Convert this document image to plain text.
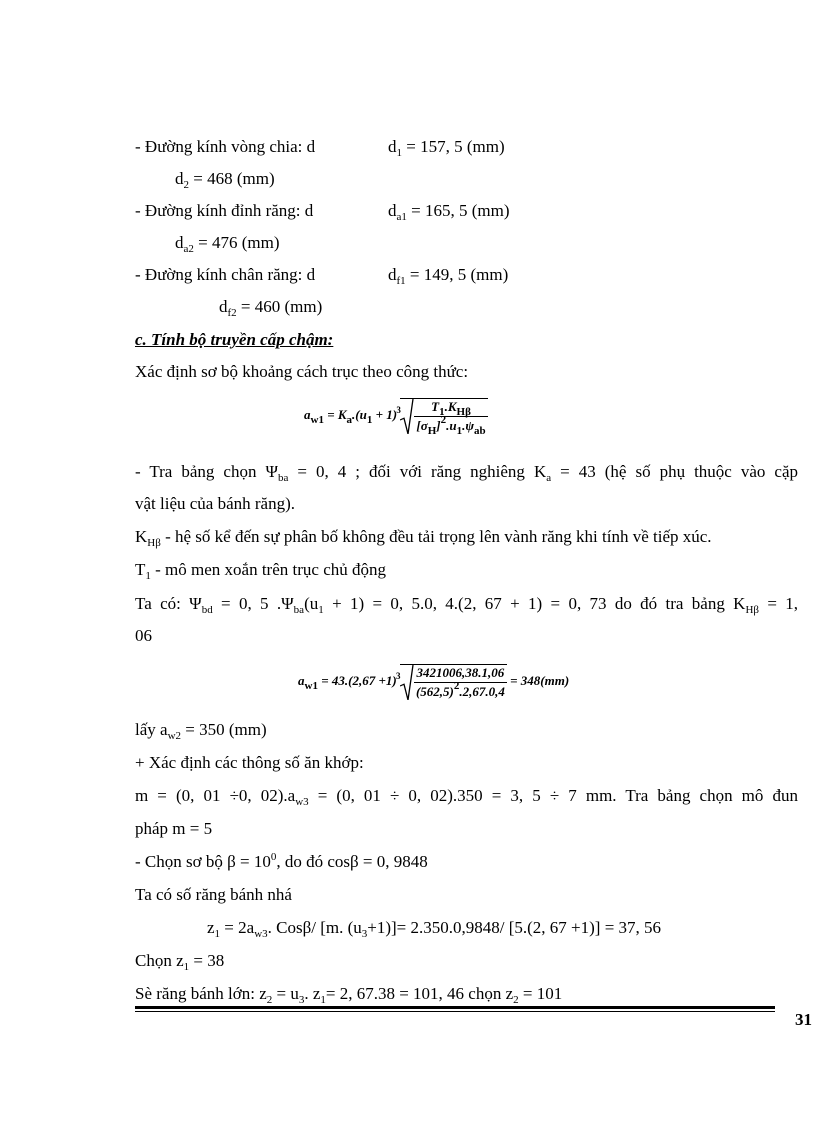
- Đường kính vòng chia: d	$d_1 = 157$, 5 (mm)
$d_2 = 468$ (mm)
- Đường kính đỉnh răng: d	$d_{a1} = 165$, 5 (mm)
$d_{a2} = 476$ (mm)
- Đường kính chân răng: d	$d_{f1} = 149$, 5 (mm)
$d_{f2} = 460$ (mm)
c. Tính bộ truyền cấp chậm:
Xác định sơ bộ khoảng cách trục theo công thức:
$a_{w1} = K_a.(u_1 + 1)$ $3 \frac{T_1.K_{H\beta}}{[\sigma_H]^2.u_1.\psi_{ab}}$
- Tra bảng chọn $\Psi_{ba} = 0$, 4 ; đối với răng nghiêng $K_a = 43$ (hệ số phụ thuộc vào cặp
vật liệu của bánh răng).
$K_{H\beta}$ - hệ số kể đến sự phân bố không đều tải trọng lên vành răng khi tính về tiếp xúc.
$T_1$ - mô men xoắn trên trục chủ động
Ta có: $\Psi_{bd} = 0$, 5 $.\Psi_{ba}(u_1 + 1) = 0$, 5.0, 4.(2, 67 + 1) = 0, 73 do đó tra bảng $K_{H\beta} = 1$,
06
$a_{w1} = 43.(2,67 +1)$ $3 \frac{3421006,38.1,06}{(562,5)^2.2,67.0,4} = 348(mm)$
lấy $a_{w2} = 350$ (mm)
+ Xác định các thông số ăn khớp:
m = (0, 01 ÷0, $02).a_{w3} = (0$, 01 ÷ 0, 02).350 = 3, 5 ÷ 7 mm. Tra bảng chọn mô đun
pháp m = 5
- Chọn sơ bộ $\beta = 10^0$, do đó cosβ = 0, 9848
Ta có số răng bánh nhá
$z_1 = 2a_{w3}$. Cosβ/ [m. $(u_3+1)]= 2.350.0,9848/$ [5.(2, 67 +1)] = 37, 56
Chọn $z_1 = 38$
Sè răng bánh lớn: $z_2 = u_3$. $z_1= 2$, 67.38 = 101, 46 chọn $z_2 = 101$
31
